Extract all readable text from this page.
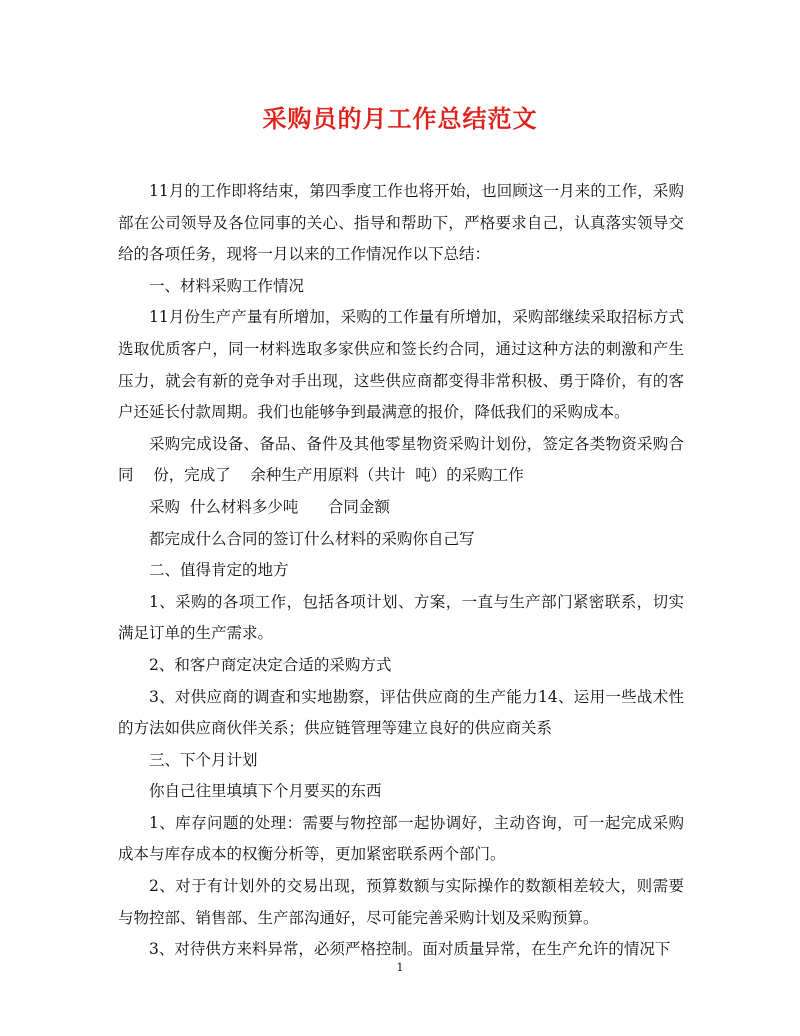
采购员的月工作总结范文

11月的工作即将结束，第四季度工作也将开始，也回顾这一月来的工作，采购部在公司领导及各位同事的关心、指导和帮助下，严格要求自己，认真落实领导交给的各项任务，现将一月以来的工作情况作以下总结：

一、材料采购工作情况

11月份生产产量有所增加，采购的工作量有所增加，采购部继续采取招标方式选取优质客户，同一材料选取多家供应和签长约合同，通过这种方法的刺激和产生压力，就会有新的竞争对手出现，这些供应商都变得非常积极、勇于降价，有的客户还延长付款周期。我们也能够争到最满意的报价，降低我们的采购成本。

采购完成设备、备品、备件及其他零星物资采购计划份，签定各类物资采购合同    份，完成了    余种生产用原料（共计  吨）的采购工作

采购  什么材料多少吨      合同金额

都完成什么合同的签订什么材料的采购你自己写

二、值得肯定的地方

1、采购的各项工作，包括各项计划、方案，一直与生产部门紧密联系，切实满足订单的生产需求。

2、和客户商定决定合适的采购方式

3、对供应商的调查和实地勘察，评估供应商的生产能力14、运用一些战术性的方法如供应商伙伴关系；供应链管理等建立良好的供应商关系

三、下个月计划

你自己往里填填下个月要买的东西

1、库存问题的处理：需要与物控部一起协调好，主动咨询，可一起完成采购成本与库存成本的权衡分析等，更加紧密联系两个部门。

2、对于有计划外的交易出现，预算数额与实际操作的数额相差较大，则需要与物控部、销售部、生产部沟通好，尽可能完善采购计划及采购预算。

3、对待供方来料异常，必须严格控制。面对质量异常，在生产允许的情况下

1
